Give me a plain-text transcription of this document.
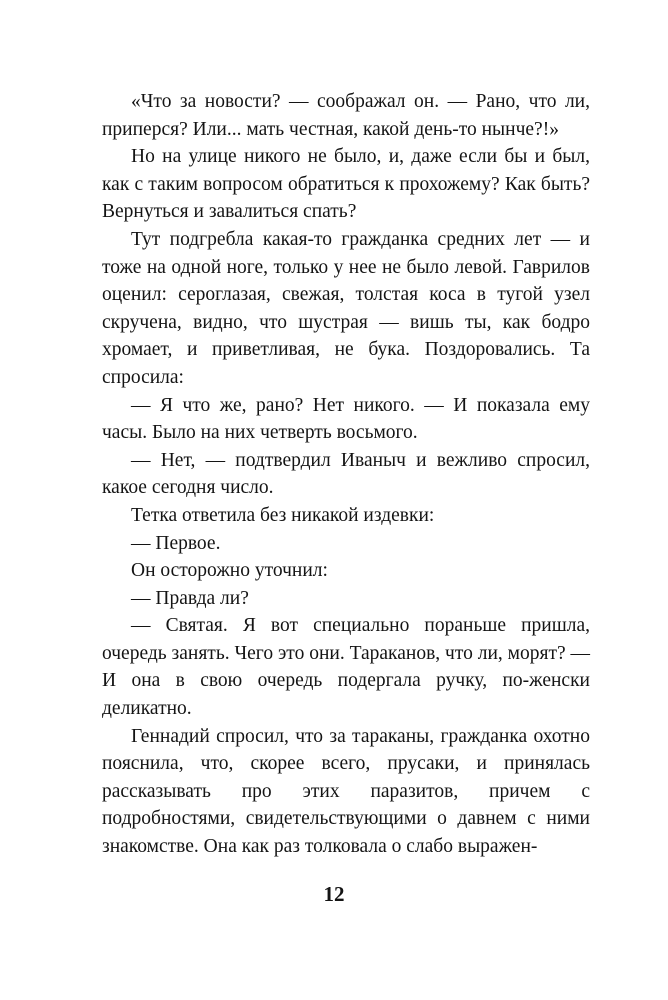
«Что за новости? — соображал он. — Рано, что ли, приперся? Или... мать честная, какой день-то нынче?!»

Но на улице никого не было, и, даже если бы и был, как с таким вопросом обратиться к прохожему? Как быть? Вернуться и завалиться спать?

Тут подгребла какая-то гражданка средних лет — и тоже на одной ноге, только у нее не было левой. Гаврилов оценил: сероглазая, свежая, толстая коса в тугой узел скручена, видно, что шустрая — вишь ты, как бодро хромает, и приветливая, не бука. Поздоровались. Та спросила:

— Я что же, рано? Нет никого. — И показала ему часы. Было на них четверть восьмого.

— Нет, — подтвердил Иваныч и вежливо спросил, какое сегодня число.

Тетка ответила без никакой издевки:

— Первое.

Он осторожно уточнил:

— Правда ли?

— Святая. Я вот специально пораньше пришла, очередь занять. Чего это они. Тараканов, что ли, морят? — И она в свою очередь подергала ручку, по-женски деликатно.

Геннадий спросил, что за тараканы, гражданка охотно пояснила, что, скорее всего, прусаки, и принялась рассказывать про этих паразитов, причем с подробностями, свидетельствующими о давнем с ними знакомстве. Она как раз толковала о слабо выражен-

12
